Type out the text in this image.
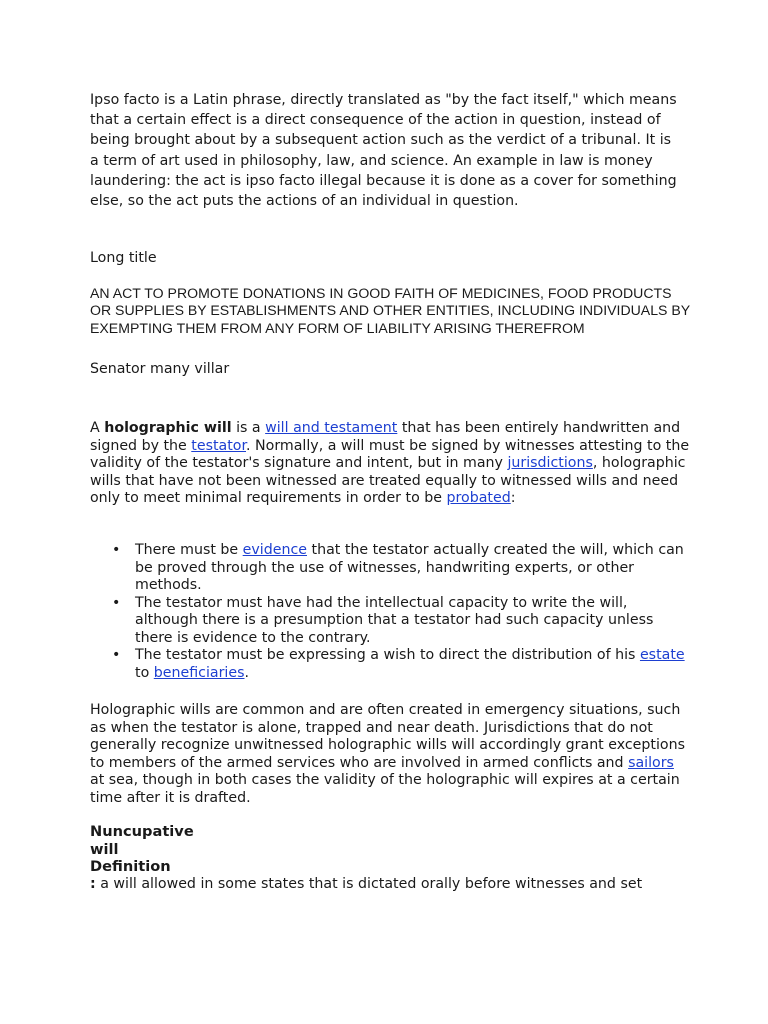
Ipso facto is a Latin phrase, directly translated as "by the fact itself," which means that a certain effect is a direct consequence of the action in question, instead of being brought about by a subsequent action such as the verdict of a tribunal. It is a term of art used in philosophy, law, and science. An example in law is money laundering: the act is ipso facto illegal because it is done as a cover for something else, so the act puts the actions of an individual in question.

Long title

AN ACT TO PROMOTE DONATIONS IN GOOD FAITH OF MEDICINES, FOOD PRODUCTS OR SUPPLIES BY ESTABLISHMENTS AND OTHER ENTITIES, INCLUDING INDIVIDUALS BY EXEMPTING THEM FROM ANY FORM OF LIABILITY ARISING THEREFROM

Senator many villar

A holographic will is a will and testament that has been entirely handwritten and signed by the testator. Normally, a will must be signed by witnesses attesting to the validity of the testator's signature and intent, but in many jurisdictions, holographic wills that have not been witnessed are treated equally to witnessed wills and need only to meet minimal requirements in order to be probated:

• There must be evidence that the testator actually created the will, which can be proved through the use of witnesses, handwriting experts, or other methods.
• The testator must have had the intellectual capacity to write the will, although there is a presumption that a testator had such capacity unless there is evidence to the contrary.
• The testator must be expressing a wish to direct the distribution of his estate to beneficiaries.

Holographic wills are common and are often created in emergency situations, such as when the testator is alone, trapped and near death. Jurisdictions that do not generally recognize unwitnessed holographic wills will accordingly grant exceptions to members of the armed services who are involved in armed conflicts and sailors at sea, though in both cases the validity of the holographic will expires at a certain time after it is drafted.

Nuncupative
will
Definition

: a will allowed in some states that is dictated orally before witnesses and set
